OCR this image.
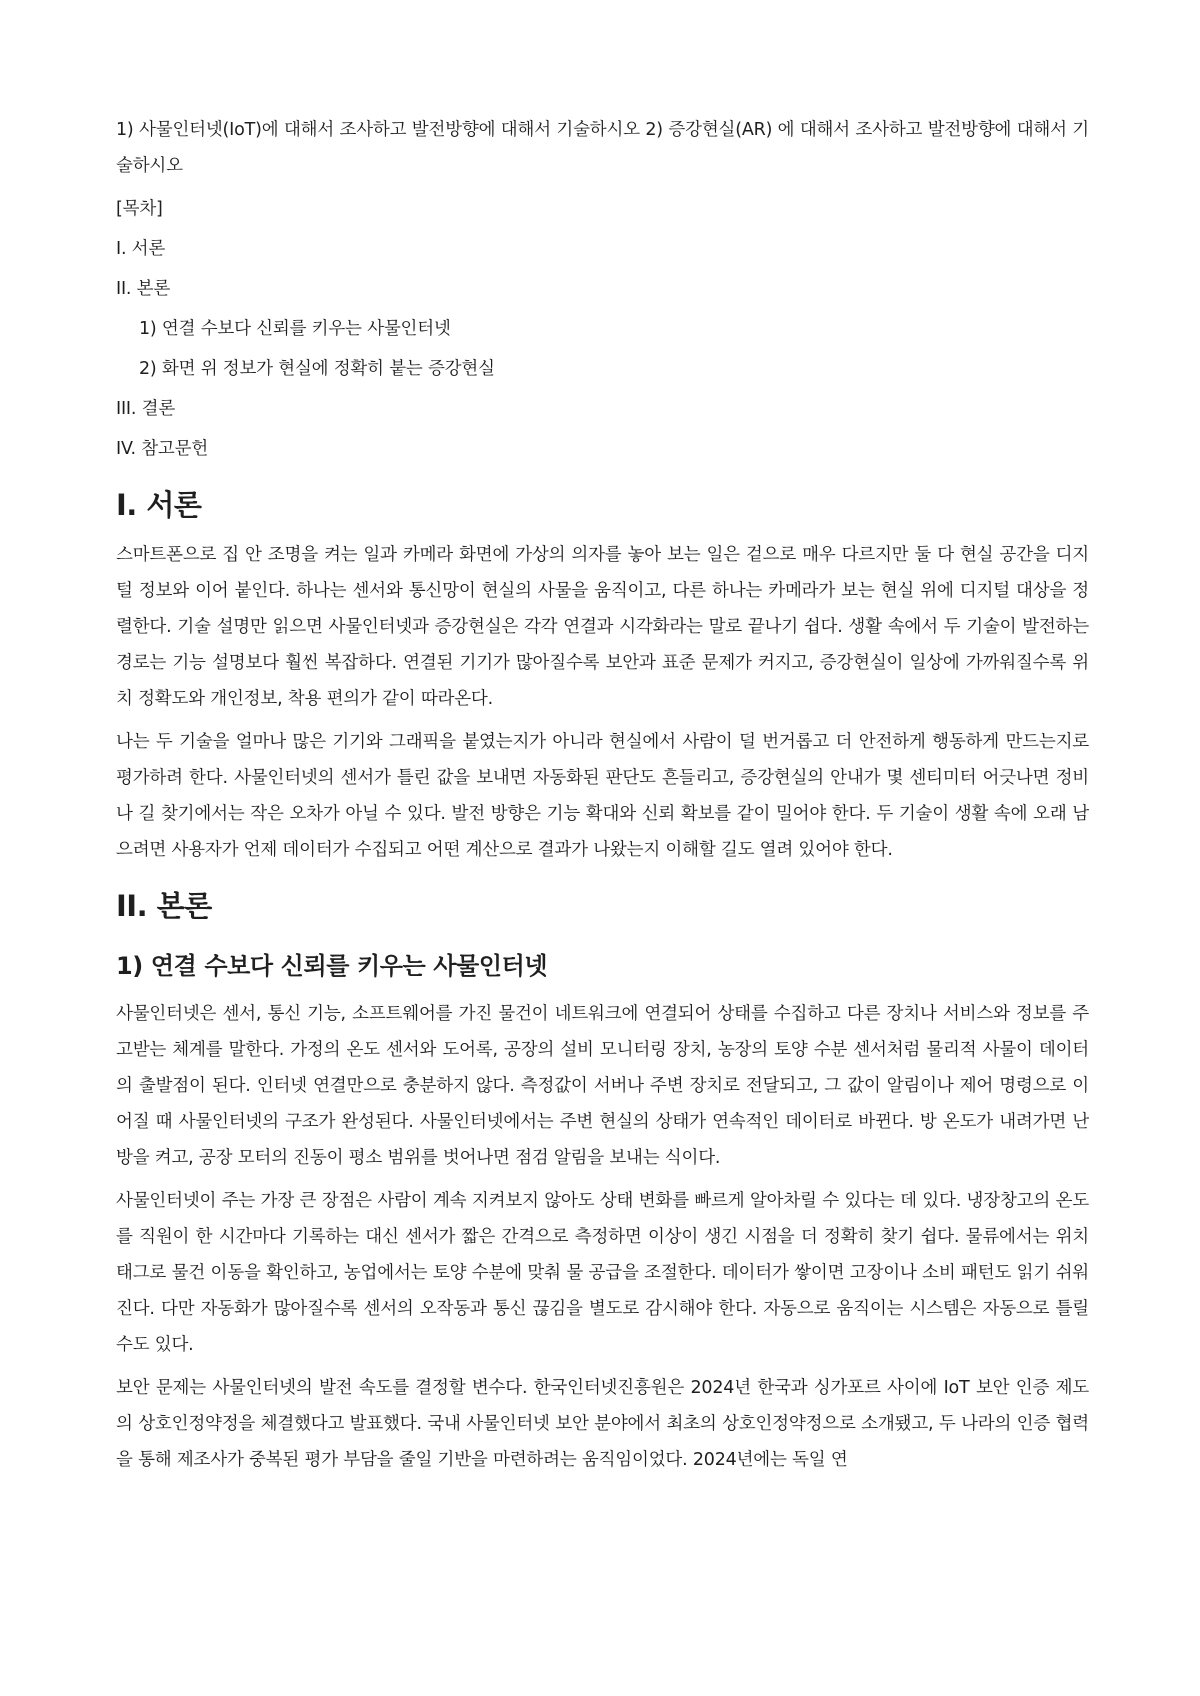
1) 사물인터넷(IoT)에 대해서 조사하고 발전방향에 대해서 기술하시오 2) 증강현실(AR) 에 대해서 조사하고 발전방향에 대해서 기술하시오

[목차]
I. 서론
II. 본론
1) 연결 수보다 신뢰를 키우는 사물인터넷
2) 화면 위 정보가 현실에 정확히 붙는 증강현실
III. 결론
IV. 참고문헌
I. 서론

스마트폰으로 집 안 조명을 켜는 일과 카메라 화면에 가상의 의자를 놓아 보는 일은 겉으로 매우 다르지만 둘 다 현실 공간을 디지털 정보와 이어 붙인다. 하나는 센서와 통신망이 현실의 사물을 움직이고, 다른 하나는 카메라가 보는 현실 위에 디지털 대상을 정렬한다. 기술 설명만 읽으면 사물인터넷과 증강현실은 각각 연결과 시각화라는 말로 끝나기 쉽다. 생활 속에서 두 기술이 발전하는 경로는 기능 설명보다 훨씬 복잡하다. 연결된 기기가 많아질수록 보안과 표준 문제가 커지고, 증강현실이 일상에 가까워질수록 위치 정확도와 개인정보, 착용 편의가 같이 따라온다.

나는 두 기술을 얼마나 많은 기기와 그래픽을 붙였는지가 아니라 현실에서 사람이 덜 번거롭고 더 안전하게 행동하게 만드는지로 평가하려 한다. 사물인터넷의 센서가 틀린 값을 보내면 자동화된 판단도 흔들리고, 증강현실의 안내가 몇 센티미터 어긋나면 정비나 길 찾기에서는 작은 오차가 아닐 수 있다. 발전 방향은 기능 확대와 신뢰 확보를 같이 밀어야 한다. 두 기술이 생활 속에 오래 남으려면 사용자가 언제 데이터가 수집되고 어떤 계산으로 결과가 나왔는지 이해할 길도 열려 있어야 한다.

II. 본론
1) 연결 수보다 신뢰를 키우는 사물인터넷

사물인터넷은 센서, 통신 기능, 소프트웨어를 가진 물건이 네트워크에 연결되어 상태를 수집하고 다른 장치나 서비스와 정보를 주고받는 체계를 말한다. 가정의 온도 센서와 도어록, 공장의 설비 모니터링 장치, 농장의 토양 수분 센서처럼 물리적 사물이 데이터의 출발점이 된다. 인터넷 연결만으로 충분하지 않다. 측정값이 서버나 주변 장치로 전달되고, 그 값이 알림이나 제어 명령으로 이어질 때 사물인터넷의 구조가 완성된다. 사물인터넷에서는 주변 현실의 상태가 연속적인 데이터로 바뀐다. 방 온도가 내려가면 난방을 켜고, 공장 모터의 진동이 평소 범위를 벗어나면 점검 알림을 보내는 식이다.

사물인터넷이 주는 가장 큰 장점은 사람이 계속 지켜보지 않아도 상태 변화를 빠르게 알아차릴 수 있다는 데 있다. 냉장창고의 온도를 직원이 한 시간마다 기록하는 대신 센서가 짧은 간격으로 측정하면 이상이 생긴 시점을 더 정확히 찾기 쉽다. 물류에서는 위치 태그로 물건 이동을 확인하고, 농업에서는 토양 수분에 맞춰 물 공급을 조절한다. 데이터가 쌓이면 고장이나 소비 패턴도 읽기 쉬워진다. 다만 자동화가 많아질수록 센서의 오작동과 통신 끊김을 별도로 감시해야 한다. 자동으로 움직이는 시스템은 자동으로 틀릴 수도 있다.

보안 문제는 사물인터넷의 발전 속도를 결정할 변수다. 한국인터넷진흥원은 2024년 한국과 싱가포르 사이에 IoT 보안 인증 제도의 상호인정약정을 체결했다고 발표했다. 국내 사물인터넷 보안 분야에서 최초의 상호인정약정으로 소개됐고, 두 나라의 인증 협력을 통해 제조사가 중복된 평가 부담을 줄일 기반을 마련하려는 움직임이었다. 2024년에는 독일 연
